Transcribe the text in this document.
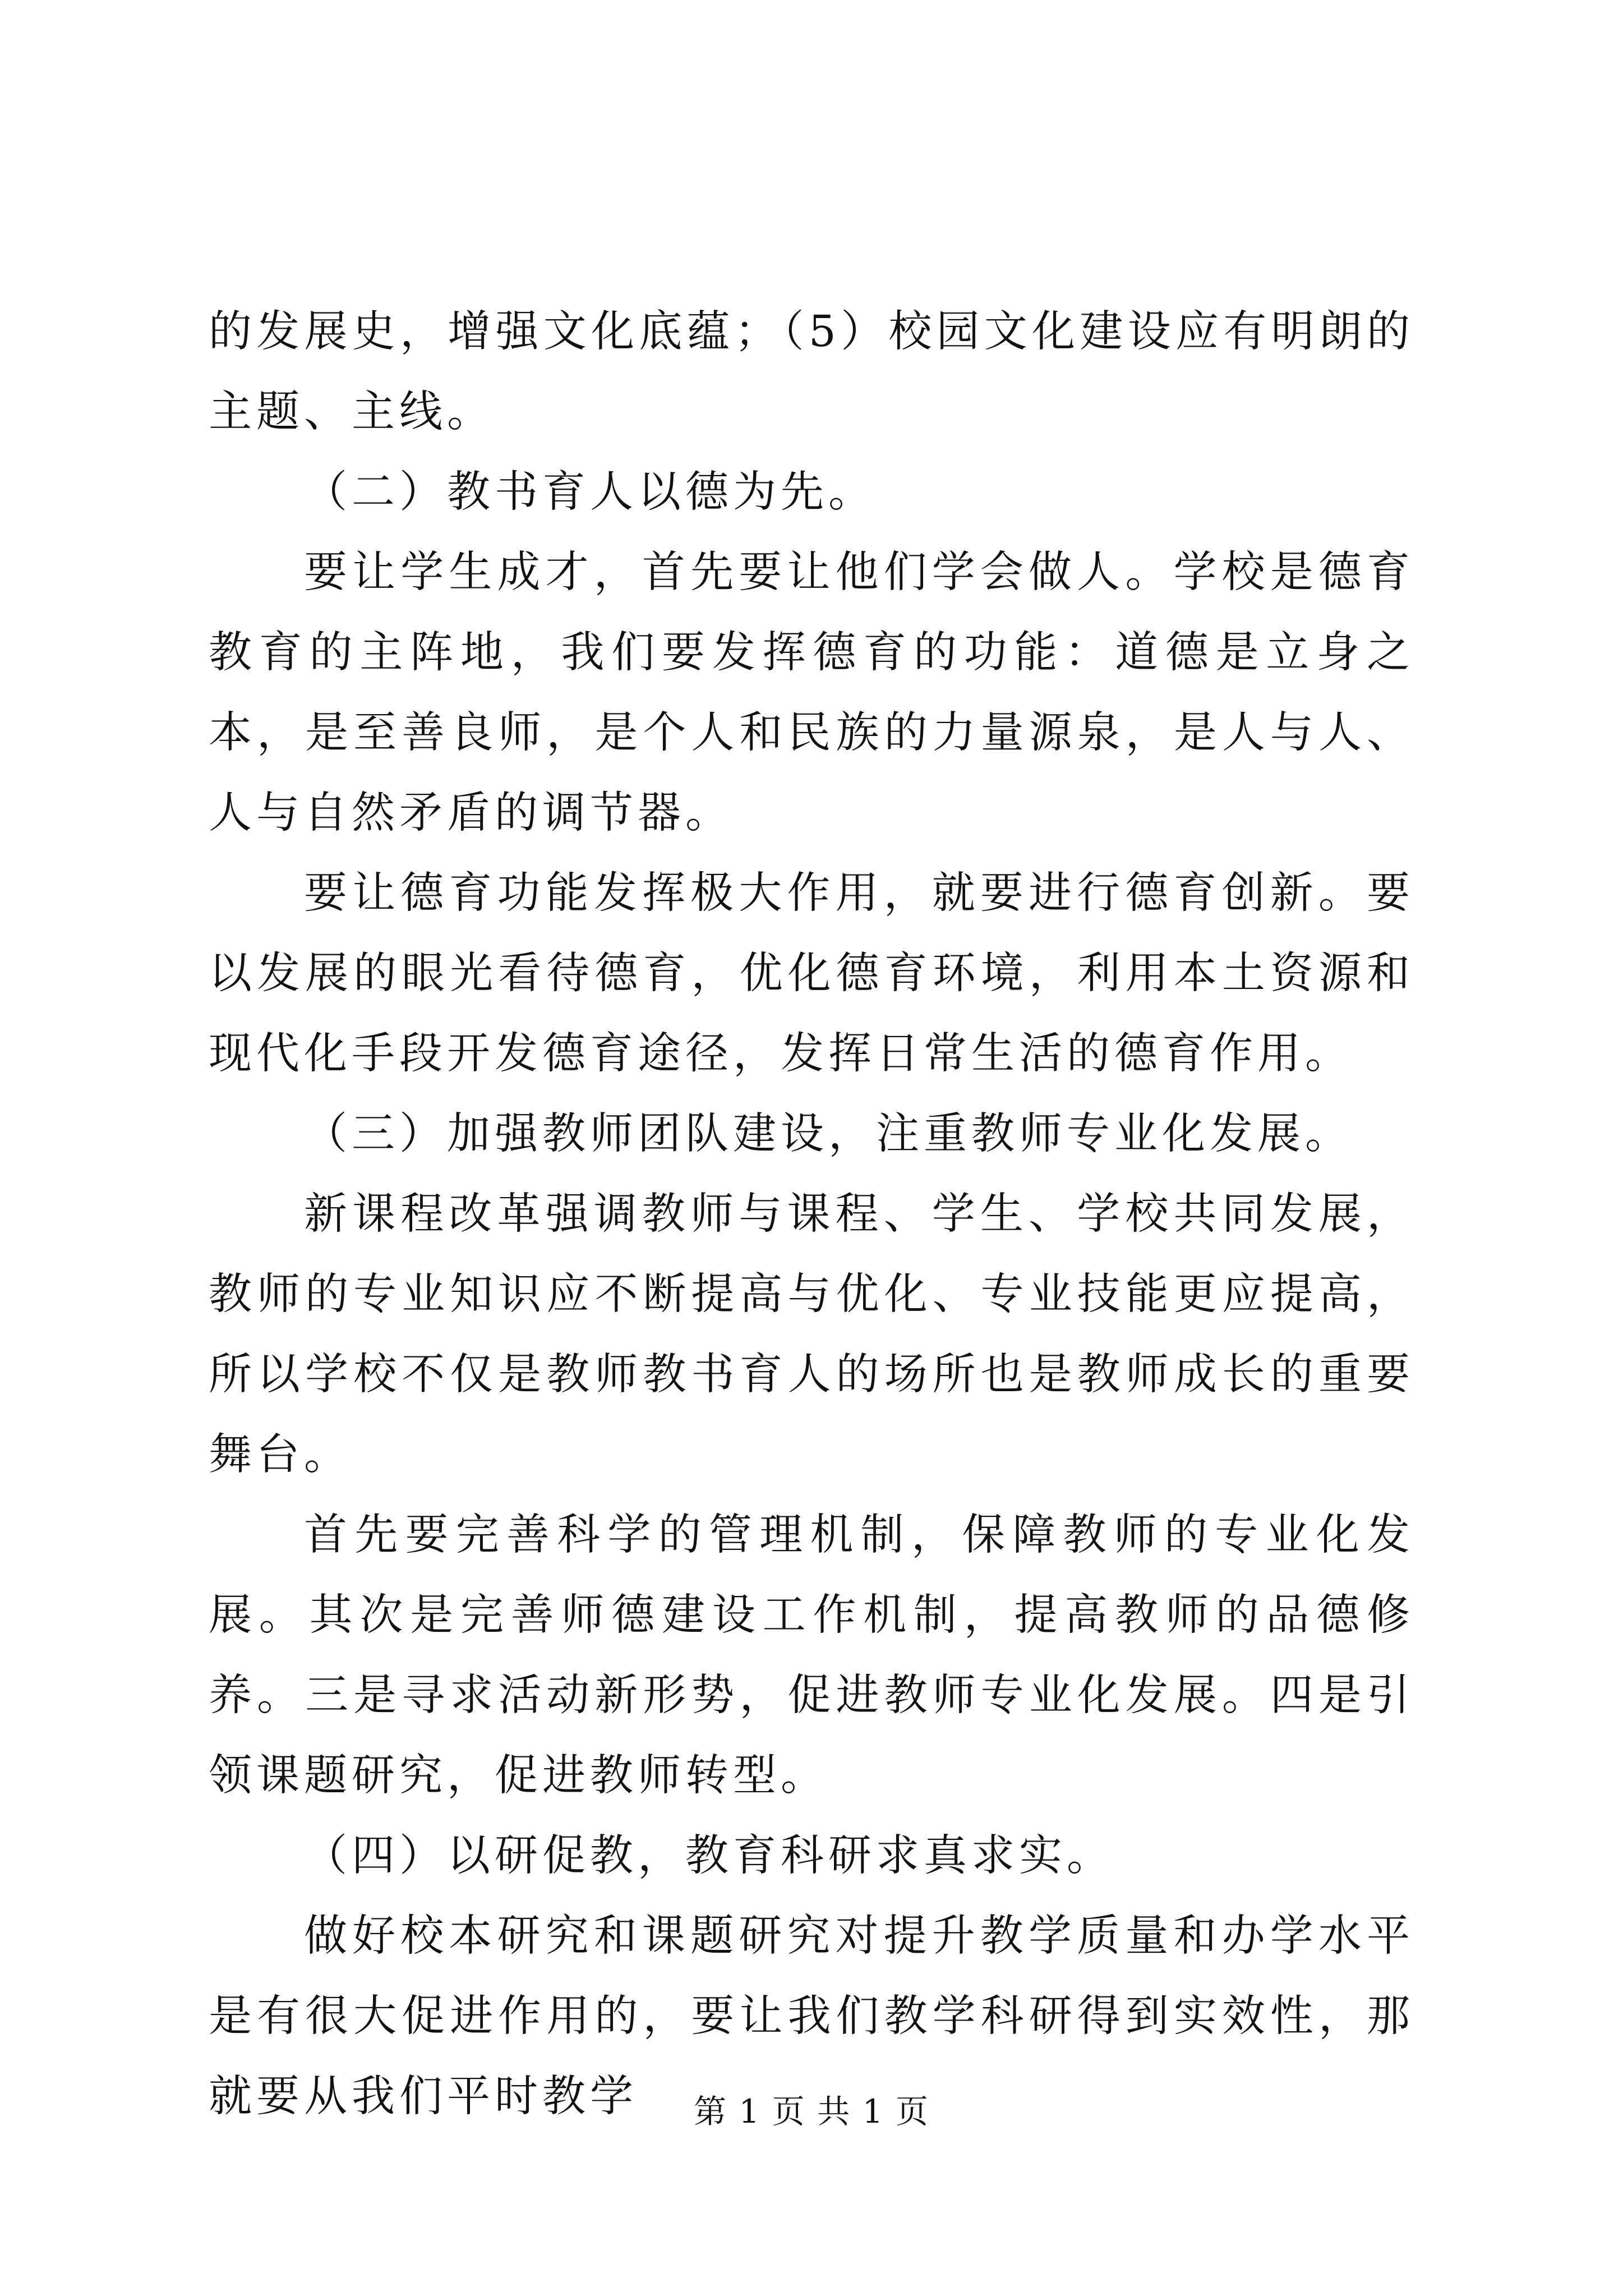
的发展史，增强文化底蕴；（5）校园文化建设应有明朗的主题、主线。

（二）教书育人以德为先。

要让学生成才，首先要让他们学会做人。学校是德育教育的主阵地，我们要发挥德育的功能：道德是立身之本，是至善良师，是个人和民族的力量源泉，是人与人、人与自然矛盾的调节器。

要让德育功能发挥极大作用，就要进行德育创新。要以发展的眼光看待德育，优化德育环境，利用本土资源和现代化手段开发德育途径，发挥日常生活的德育作用。

（三）加强教师团队建设，注重教师专业化发展。

新课程改革强调教师与课程、学生、学校共同发展，教师的专业知识应不断提高与优化、专业技能更应提高，所以学校不仅是教师教书育人的场所也是教师成长的重要舞台。

首先要完善科学的管理机制，保障教师的专业化发展。其次是完善师德建设工作机制，提高教师的品德修养。三是寻求活动新形势，促进教师专业化发展。四是引领课题研究，促进教师转型。

（四）以研促教，教育科研求真求实。

做好校本研究和课题研究对提升教学质量和办学水平是有很大促进作用的，要让我们教学科研得到实效性，那就要从我们平时教学	第 1 页 共 1 页
